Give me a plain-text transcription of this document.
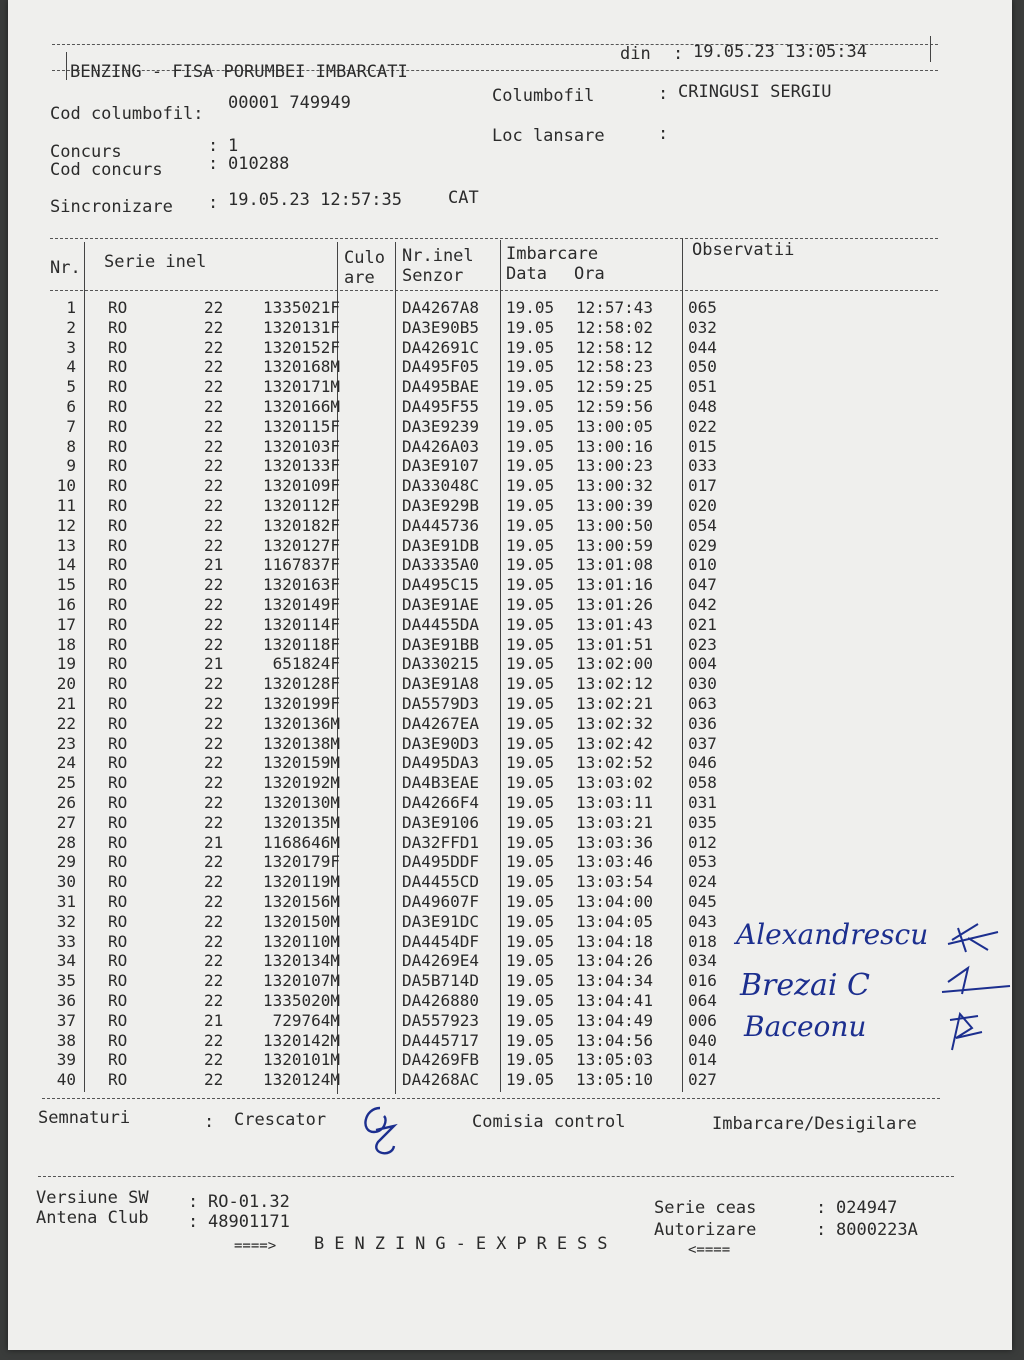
BENZING - FISA PORUMBEI IMBARCATI
din : 19.05.23 13:05:34
Cod columbofil:
00001 749949	Columbofil	: CRINGUSI SERGIU
Loc lansare	:
Concurs	: 1
Cod concurs	: 010288
Sincronizare : 19.05.23 12:57:35	CAT
Nr. Serie inel	Culo
are
Nr.inel
Senzor
Imbarcare
Data Ora
Observatii
1 RO	22	1335021F	DA4267A8 19.05 12:57:43 065
2 RO	22	1320131F	DA3E90B5 19.05 12:58:02 032
3 RO	22	1320152F	DA42691C 19.05 12:58:12 044
4 RO	22	1320168M	DA495F05 19.05 12:58:23 050
5 RO	22	1320171M	DA495BAE 19.05 12:59:25 051
6 RO	22	1320166M	DA495F55 19.05 12:59:56 048
7 RO	22	1320115F	DA3E9239 19.05 13:00:05 022
8 RO	22	1320103F	DA426A03 19.05 13:00:16 015
9 RO	22	1320133F	DA3E9107 19.05 13:00:23 033
10 RO	22	1320109F	DA33048C 19.05 13:00:32 017
11 RO	22	1320112F	DA3E929B 19.05 13:00:39 020
12 RO	22	1320182F	DA445736 19.05 13:00:50 054
13 RO	22	1320127F	DA3E91DB 19.05 13:00:59 029
14 RO	21	1167837F	DA3335A0 19.05 13:01:08 010
15 RO	22	1320163F	DA495C15 19.05 13:01:16 047
16 RO	22	1320149F	DA3E91AE 19.05 13:01:26 042
17 RO	22	1320114F	DA4455DA 19.05 13:01:43 021
18 RO	22	1320118F	DA3E91BB 19.05 13:01:51 023
19 RO	21	651824F	DA330215 19.05 13:02:00 004
20 RO	22	1320128F	DA3E91A8 19.05 13:02:12 030
21 RO	22	1320199F	DA5579D3 19.05 13:02:21 063
22 RO	22	1320136M	DA4267EA 19.05 13:02:32 036
23 RO	22	1320138M	DA3E90D3 19.05 13:02:42 037
24 RO	22	1320159M	DA495DA3 19.05 13:02:52 046
25 RO	22	1320192M	DA4B3EAE 19.05 13:03:02 058
26 RO	22	1320130M	DA4266F4 19.05 13:03:11 031
27 RO	22	1320135M	DA3E9106 19.05 13:03:21 035
28 RO	21	1168646M	DA32FFD1 19.05 13:03:36 012
29 RO	22	1320179F	DA495DDF 19.05 13:03:46 053
30 RO	22	1320119M	DA4455CD 19.05 13:03:54 024
31 RO	22	1320156M	DA49607F 19.05 13:04:00 045
32 RO	22	1320150M	DA3E91DC 19.05 13:04:05 043
33 RO	22	1320110M	DA4454DF 19.05 13:04:18 018
34 RO	22	1320134M	DA4269E4 19.05 13:04:26 034
35 RO	22	1320107M	DA5B714D 19.05 13:04:34 016
36 RO	22	1335020M	DA426880 19.05 13:04:41 064
37 RO	21	729764M	DA557923 19.05 13:04:49 006
38 RO	22	1320142M	DA445717 19.05 13:04:56 040
39 RO	22	1320101M	DA4269FB 19.05 13:05:03 014
40 RO	22	1320124M	DA4268AC 19.05 13:05:10 027
Alexandrescu
Brezai C
Baceonu
Semnaturi	: Crescator	Comisia control	Imbarcare/Desigilare
Versiune SW : RO-01.32
Antena Club : 48901171
Serie ceas	: 024947
Autorizare	: 8000223A
====> BENZING-EXPRESS	<====
